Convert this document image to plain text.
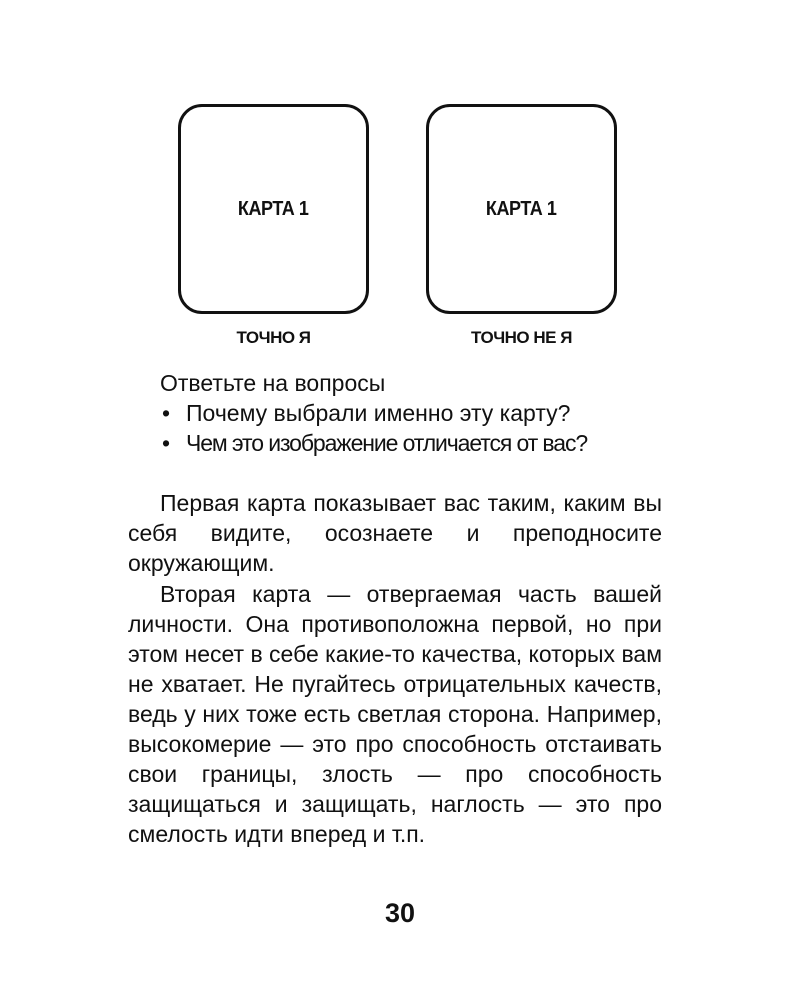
КАРТА 1	КАРТА 1
ТОЧНО Я	ТОЧНО НЕ Я

Ответьте на вопросы

• Почему выбрали именно эту карту?
• Чем это изображение отличается от вас?

Первая карта показывает вас таким, каким вы себя видите, осознаете и преподносите окружающим.

Вторая карта — отвергаемая часть вашей личности. Она противоположна первой, но при этом несет в себе какие-то качества, которых вам не хватает. Не пугайтесь отрицательных качеств, ведь у них тоже есть светлая сторона. Например, высокомерие — это про способность отстаивать свои границы, злость — про способность защищаться и защищать, наглость — это про смелость идти вперед и т.п.

30
